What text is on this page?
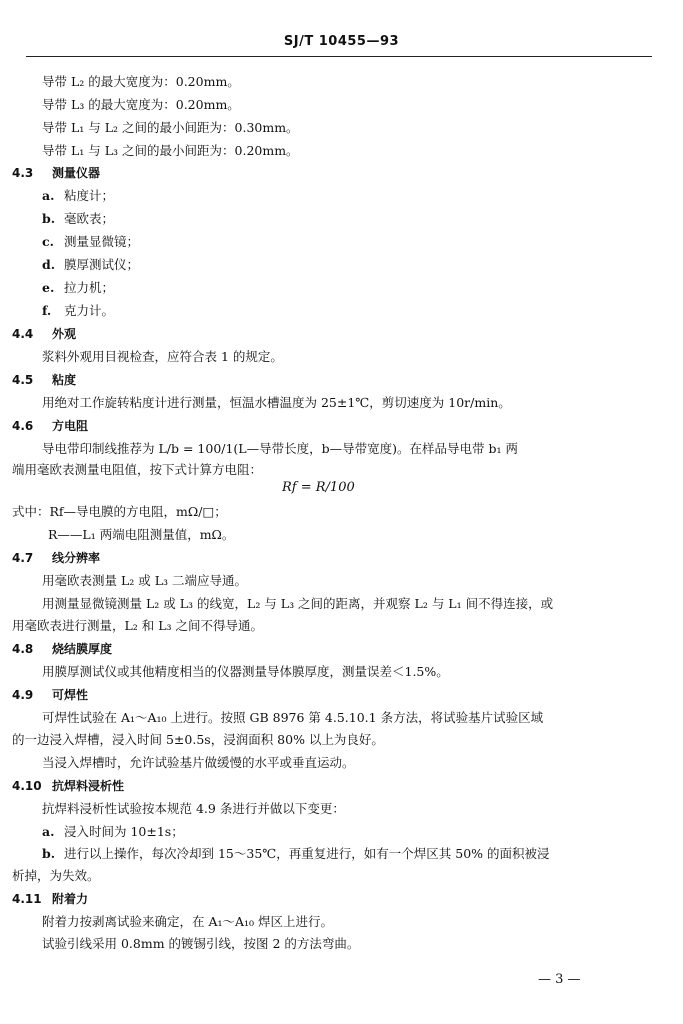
SJ/T 10455—93
导带 L₂ 的最大宽度为：0.20mm。
导带 L₃ 的最大宽度为：0.20mm。
导带 L₁ 与 L₂ 之间的最小间距为：0.30mm。
导带 L₁ 与 L₃ 之间的最小间距为：0.20mm。
4.3 测量仪器
a. 粘度计；
b. 毫欧表；
c. 测量显微镜；
d. 膜厚测试仪；
e. 拉力机；
f. 克力计。
4.4 外观
浆料外观用目视检查，应符合表 1 的规定。
4.5 粘度
用绝对工作旋转粘度计进行测量，恒温水槽温度为 25±1℃，剪切速度为 10r/min。
4.6 方电阻
导电带印制线推荐为 L/b = 100/1(L—导带长度，b—导带宽度)。在样品导电带 b₁ 两
端用毫欧表测量电阻值，按下式计算方电阻：
Rf = R/100
式中：Rf—导电膜的方电阻，mΩ/□；
R——L₁ 两端电阻测量值，mΩ。
4.7 线分辨率
用毫欧表测量 L₂ 或 L₃ 二端应导通。
用测量显微镜测量 L₂ 或 L₃ 的线宽，L₂ 与 L₃ 之间的距离，并观察 L₂ 与 L₁ 间不得连接，或
用毫欧表进行测量，L₂ 和 L₃ 之间不得导通。
4.8 烧结膜厚度
用膜厚测试仪或其他精度相当的仪器测量导体膜厚度，测量误差＜1.5%。
4.9 可焊性
可焊性试验在 A₁～A₁₀ 上进行。按照 GB 8976 第 4.5.10.1 条方法，将试验基片试验区域
的一边浸入焊槽，浸入时间 5±0.5s，浸润面积 80% 以上为良好。
当浸入焊槽时，允许试验基片做缓慢的水平或垂直运动。
4.10 抗焊料浸析性
抗焊料浸析性试验按本规范 4.9 条进行并做以下变更：
a. 浸入时间为 10±1s；
b. 进行以上操作，每次冷却到 15～35℃，再重复进行，如有一个焊区其 50% 的面积被浸
析掉，为失效。
4.11 附着力
附着力按剥离试验来确定，在 A₁～A₁₀ 焊区上进行。
试验引线采用 0.8mm 的镀锡引线，按图 2 的方法弯曲。
— 3 —
